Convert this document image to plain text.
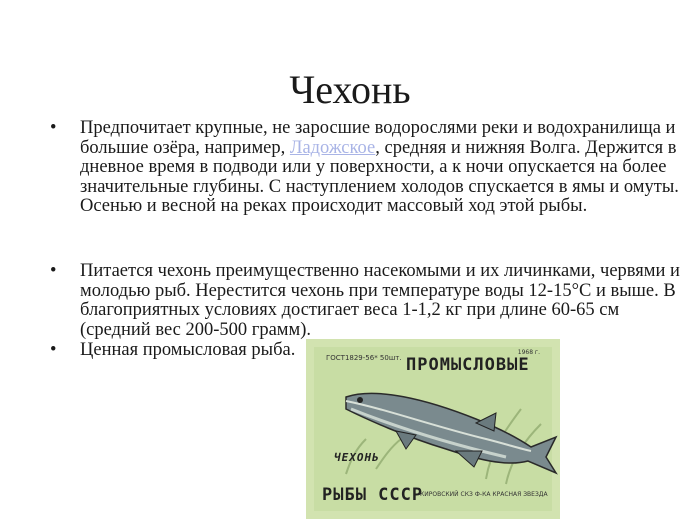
Чехонь
• Предпочитает крупные, не заросшие водорослями реки и водохранилища и большие озёра, например, Ладожское, средняя и нижняя Волга. Держится в дневное время в подводи или у поверхности, а к ночи опускается на более значительные глубины. С наступлением холодов спускается в ямы и омуты. Осенью и весной на реках происходит массовый ход этой рыбы.
• Питается чехонь преимущественно насекомыми и их личинками, червями и молодью рыб. Нерестится чехонь при температуре воды 12-15°С и выше. В благоприятных условиях достигает веса 1-1,2 кг при длине 60-65 см (средний вес 200-500 грамм).
• Ценная промысловая рыба.	ГОСТ1829-56* 50шт.
1968 г.
ПРОМЫСЛОВЫЕ
ЧЕХОНЬ
РЫБЫ СССР
КИРОВСКИЙ СКЗ Ф-КА КРАСНАЯ ЗВЕЗДА
